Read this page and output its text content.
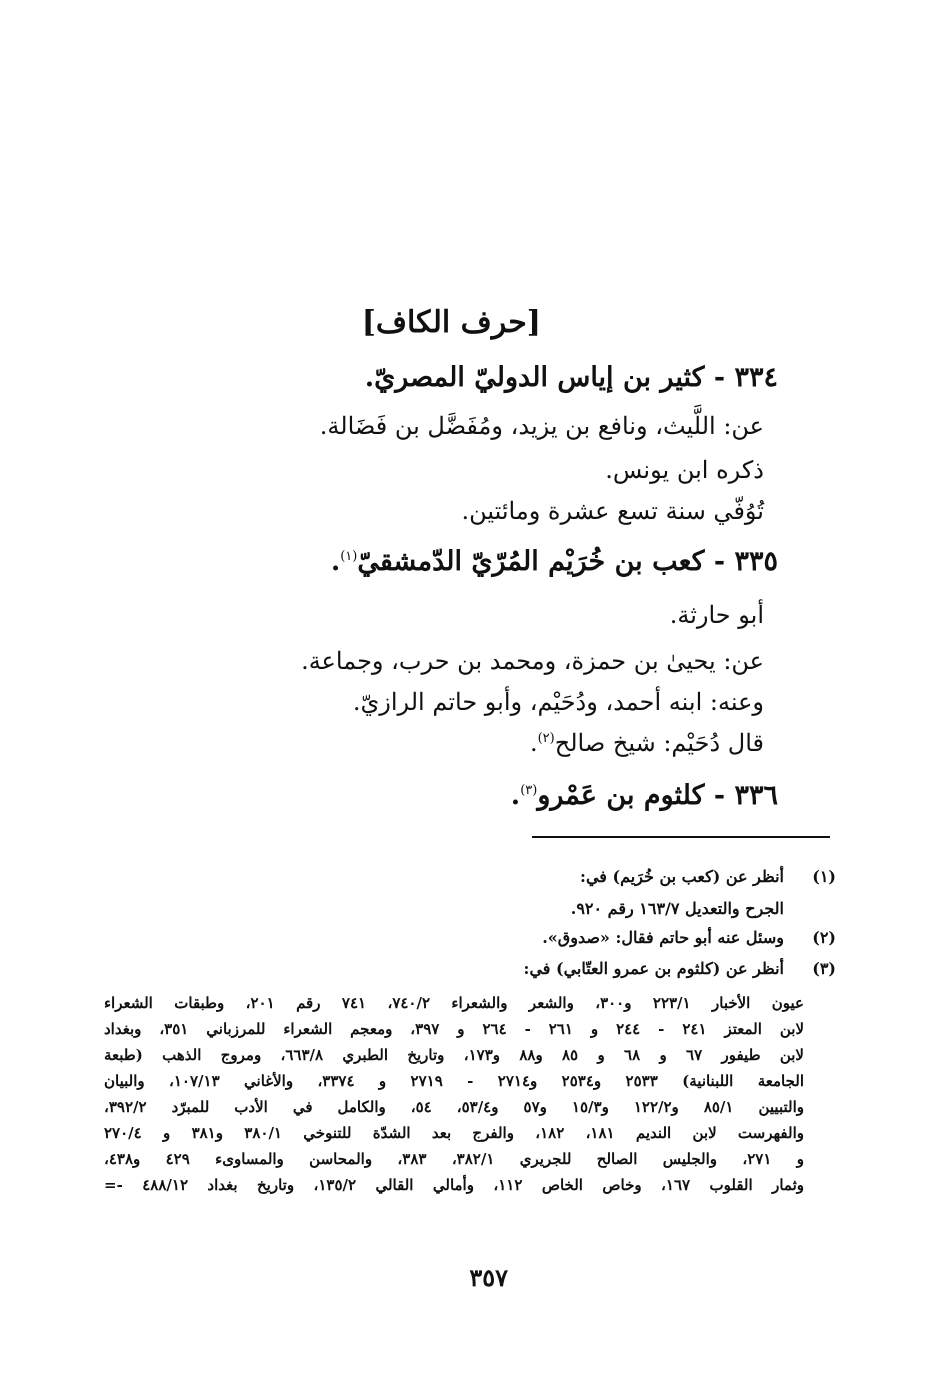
[حرف الكاف]
٣٣٤ - كثير بن إياس الدوليّ المصريّ.
عن: اللَّيث، ونافع بن يزيد، ومُفَضَّل بن فَضَالة.
ذكره ابن يونس.
تُوُفّي سنة تسع عشرة ومائتين.
٣٣٥ - كعب بن خُرَيْم المُرّيّ الدّمشقيّ$^{(١)}$.
أبو حارثة.
عن: يحيىٰ بن حمزة، ومحمد بن حرب، وجماعة.
وعنه: ابنه أحمد، ودُحَيْم، وأبو حاتم الرازيّ.
قال دُحَيْم: شيخ صالح$^{(٢)}$.
٣٣٦ - كلثوم بن عَمْرو$^{(٣)}$.
(١)
أنظر عن (كعب بن خُرَيم) في:
الجرح والتعديل ١٦٣/٧ رقم ٩٢٠.
(٢)
وسئل عنه أبو حاتم فقال: «صدوق».
(٣)
أنظر عن (كلثوم بن عمرو العتّابي) في:
عيون الأخبار ٢٢٣/١ و٣٠٠، والشعر والشعراء ٧٤٠/٢، ٧٤١ رقم ٢٠١، وطبقات الشعراء
لابن المعتز ٢٤١ - ٢٤٤ و ٢٦١ - ٢٦٤ و ٣٩٧، ومعجم الشعراء للمرزباني ٣٥١، وبغداد
لابن طيفور ٦٧ و ٦٨ و ٨٥ و٨٨ و١٧٣، وتاريخ الطبري ٦٦٣/٨، ومروج الذهب (طبعة
الجامعة اللبنانية) ٢٥٣٣ و٢٥٣٤ و٢٧١٤ - ٢٧١٩ و ٣٣٧٤، والأغاني ١٠٧/١٣، والبيان
والتبيين ٨٥/١ و١٢٢/٢ و١٥/٣ و٥٧ و٥٣/٤، ٥٤، والكامل في الأدب للمبرّد ٣٩٢/٢،
والفهرست لابن النديم ١٨١، ١٨٢، والفرج بعد الشدّة للتنوخي ٣٨٠/١ و٣٨١ و ٢٧٠/٤
و ٢٧١، والجليس الصالح للجريري ٣٨٢/١، ٣٨٣، والمحاسن والمساوىء ٤٢٩ و٤٣٨،
وثمار القلوب ١٦٧، وخاص الخاص ١١٢، وأمالي القالي ١٣٥/٢، وتاريخ بغداد ٤٨٨/١٢ -=
٣٥٧
